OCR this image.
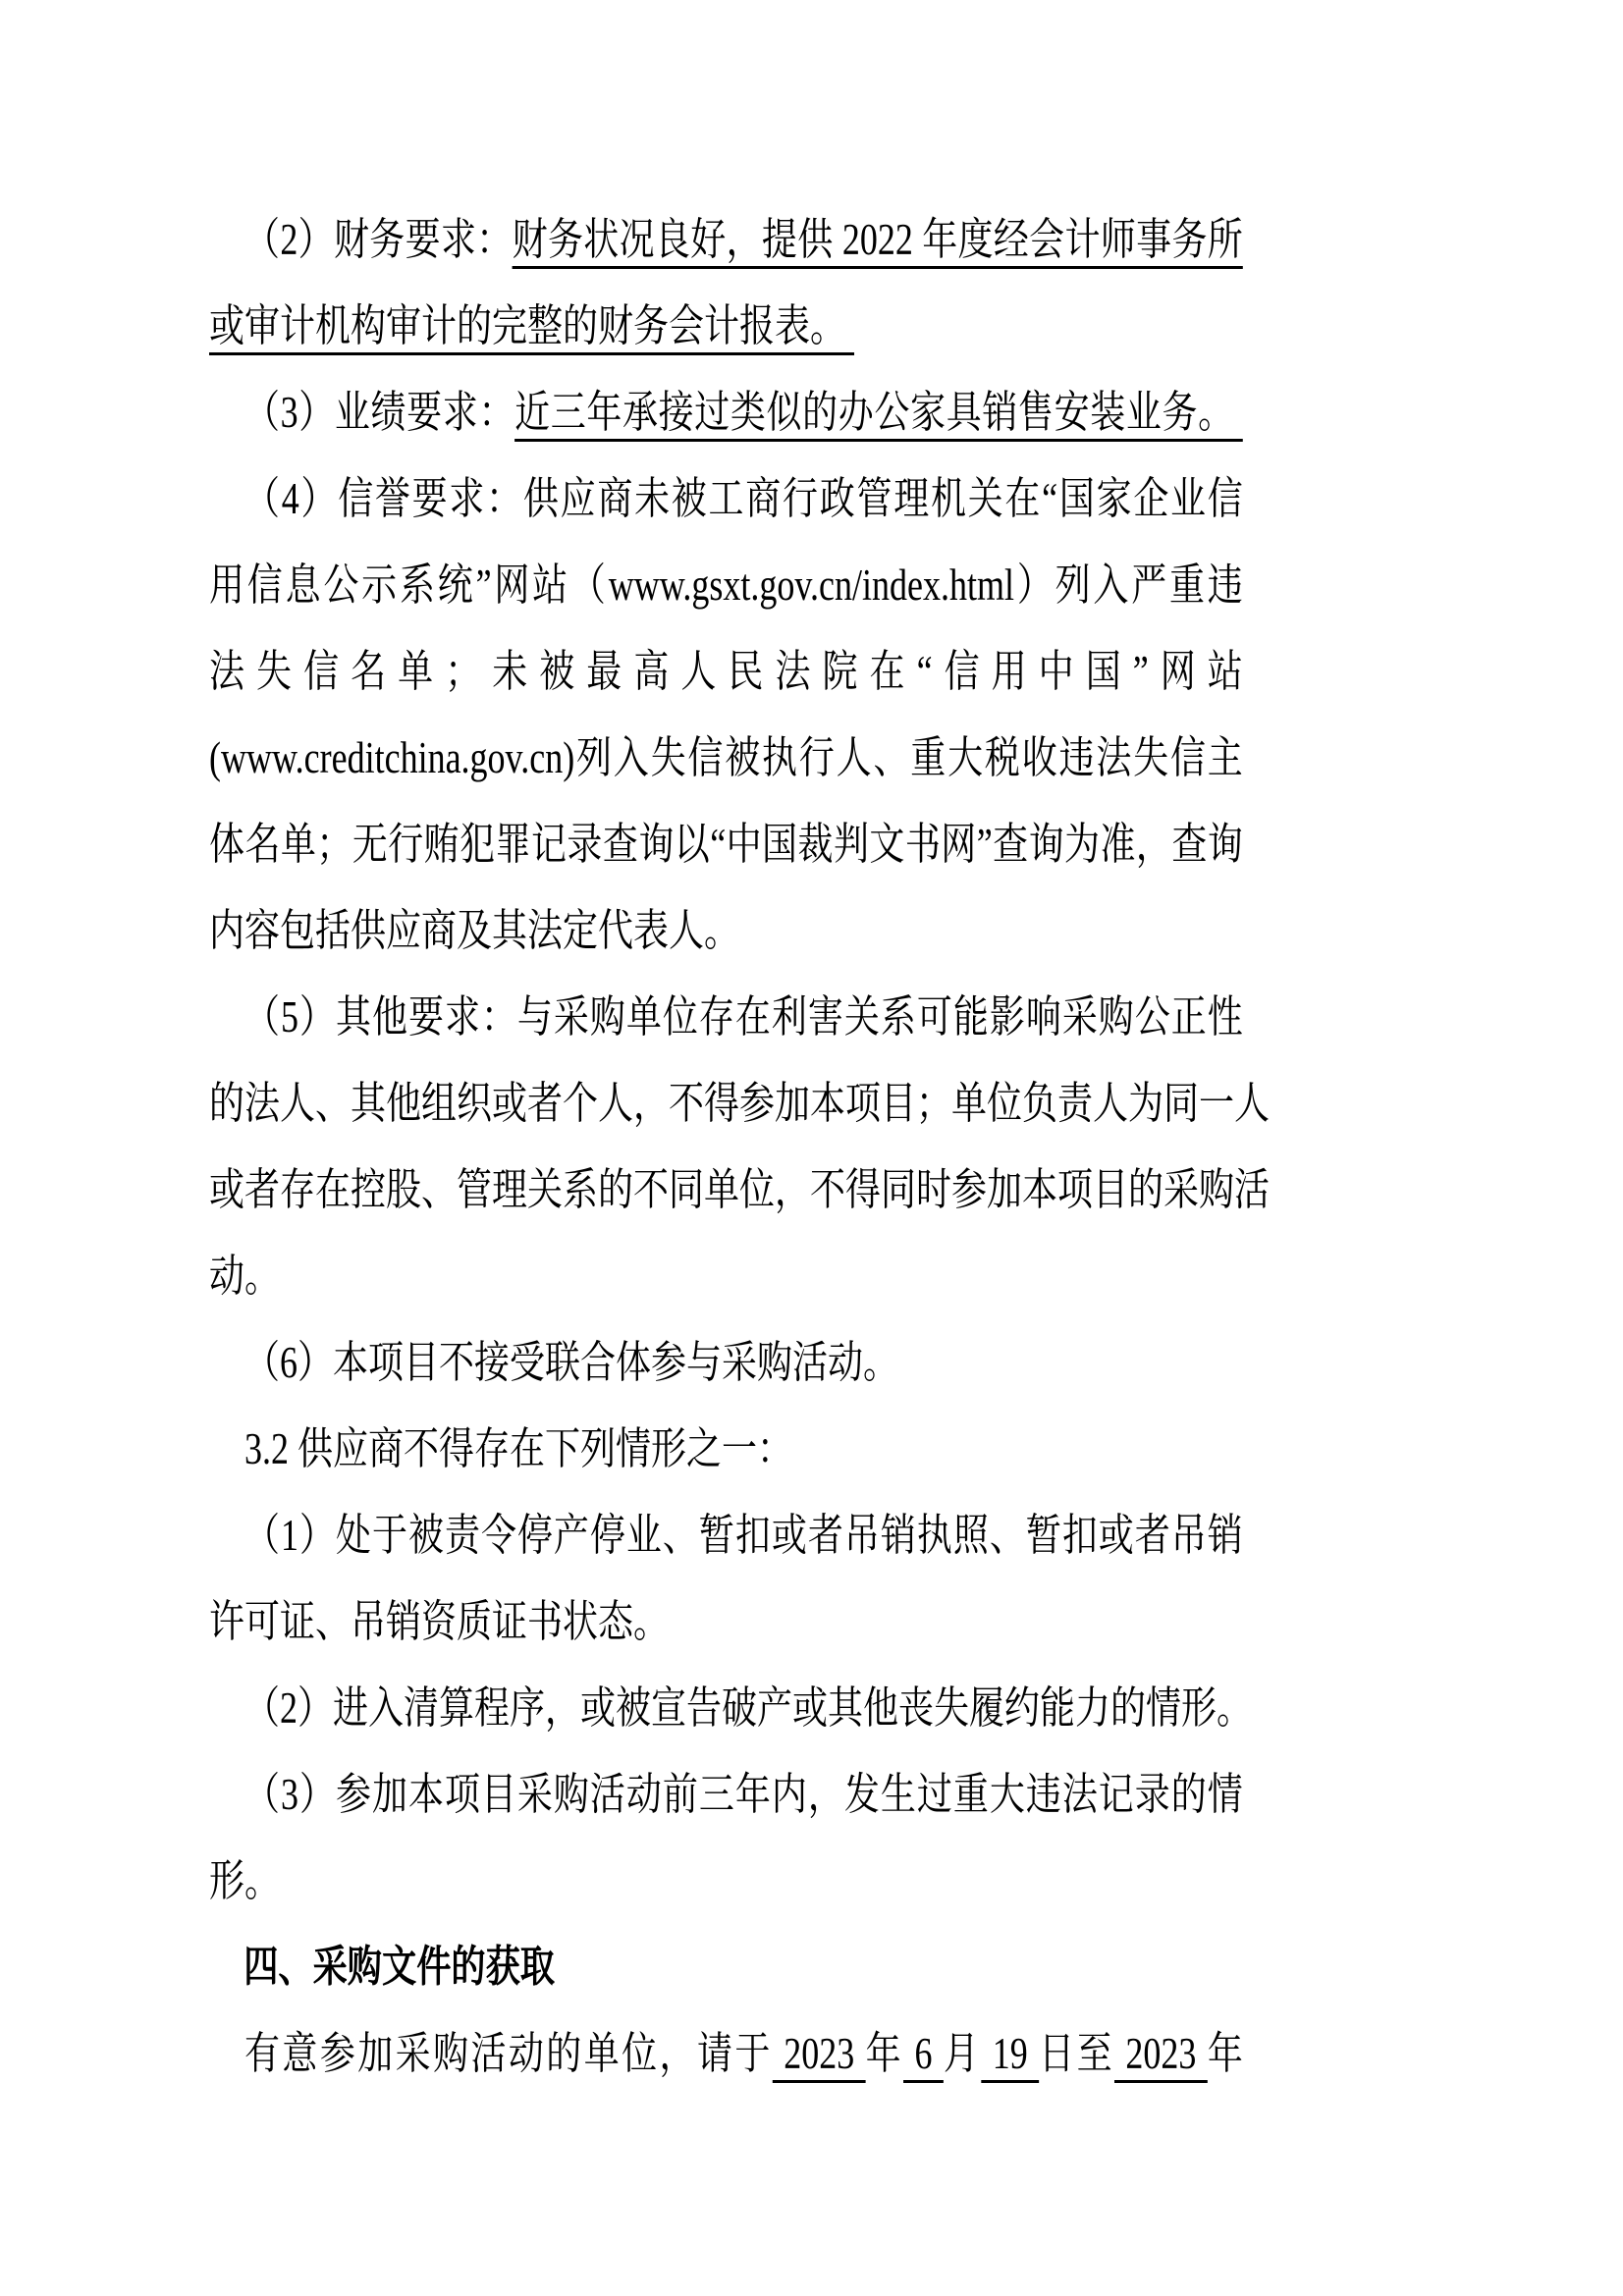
（2）财务要求：财务状况良好，提供 2022 年度经会计师事务所
或审计机构审计的完整的财务会计报表。
（3）业绩要求：近三年承接过类似的办公家具销售安装业务。
（4）信誉要求：供应商未被工商行政管理机关在“国家企业信
用信息公示系统”网站（www.gsxt.gov.cn/index.html）列入严重违
法失信名单；未被最高人民法院在“信用中国”网站
(www.creditchina.gov.cn)列入失信被执行人、重大税收违法失信主
体名单；无行贿犯罪记录查询以“中国裁判文书网”查询为准，查询
内容包括供应商及其法定代表人。
（5）其他要求：与采购单位存在利害关系可能影响采购公正性
的法人、其他组织或者个人，不得参加本项目；单位负责人为同一人
或者存在控股、管理关系的不同单位，不得同时参加本项目的采购活
动。
（6）本项目不接受联合体参与采购活动。
3.2 供应商不得存在下列情形之一：
（1）处于被责令停产停业、暂扣或者吊销执照、暂扣或者吊销
许可证、吊销资质证书状态。
（2）进入清算程序，或被宣告破产或其他丧失履约能力的情形。
（3）参加本项目采购活动前三年内，发生过重大违法记录的情
形。
四、采购文件的获取
有意参加采购活动的单位，请于 2023 年 6 月 19 日至 2023 年
